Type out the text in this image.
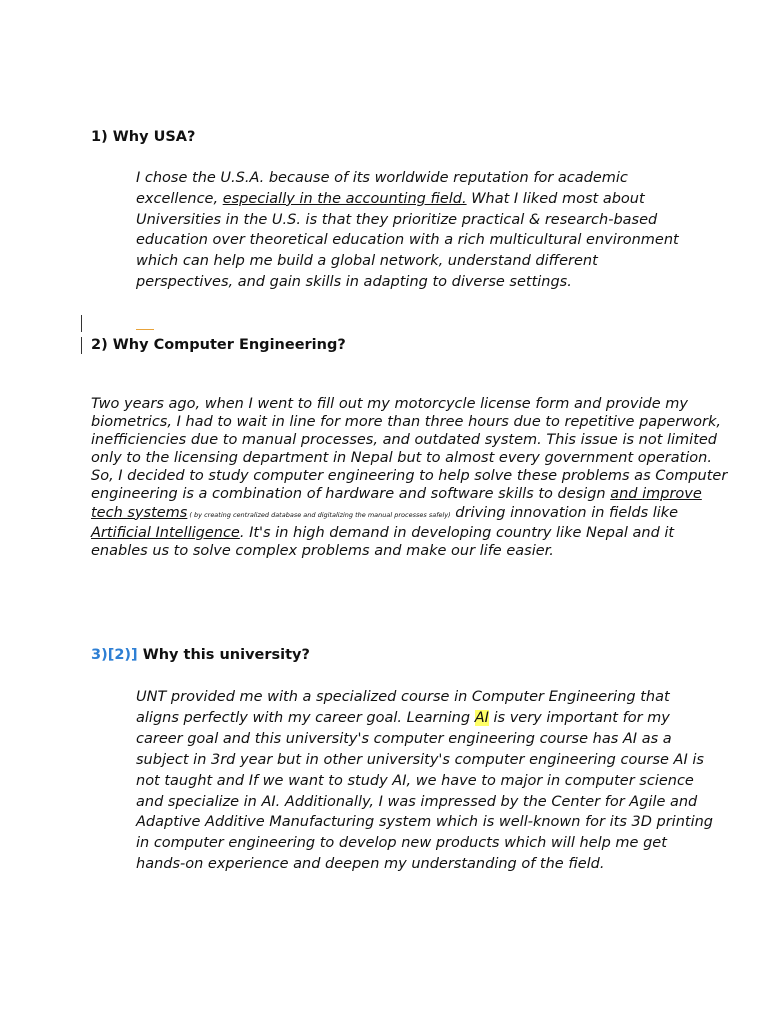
1) Why USA?

I chose the U.S.A. because of its worldwide reputation for academic excellence, especially in the accounting field. What I liked most about Universities in the U.S. is that they prioritize practical & research-based education over theoretical education with a rich multicultural environment which can help me build a global network, understand different perspectives, and gain skills in adapting to diverse settings.

2) Why Computer Engineering?

Two years ago, when I went to fill out my motorcycle license form and provide my biometrics, I had to wait in line for more than three hours due to repetitive paperwork, inefficiencies due to manual processes, and outdated system. This issue is not limited only to the licensing department in Nepal but to almost every government operation. So, I decided to study computer engineering to help solve these problems as Computer engineering is a combination of hardware and software skills to design and improve tech systems ( by creating centralized database and digitalizing the manual processes safely) driving innovation in fields like Artificial Intelligence. It's in high demand in developing country like Nepal and it enables us to solve complex problems and make our life easier.

3)[2)] Why this university?

UNT provided me with a specialized course in Computer Engineering that aligns perfectly with my career goal. Learning AI is very important for my career goal and this university's computer engineering course has AI as a subject in 3rd year but in other university's computer engineering course AI is not taught and If we want to study AI, we have to major in computer science and specialize in AI. Additionally, I was impressed by the Center for Agile and Adaptive Additive Manufacturing system which is well-known for its 3D printing in computer engineering to develop new products which will help me get hands-on experience and deepen my understanding of the field.
